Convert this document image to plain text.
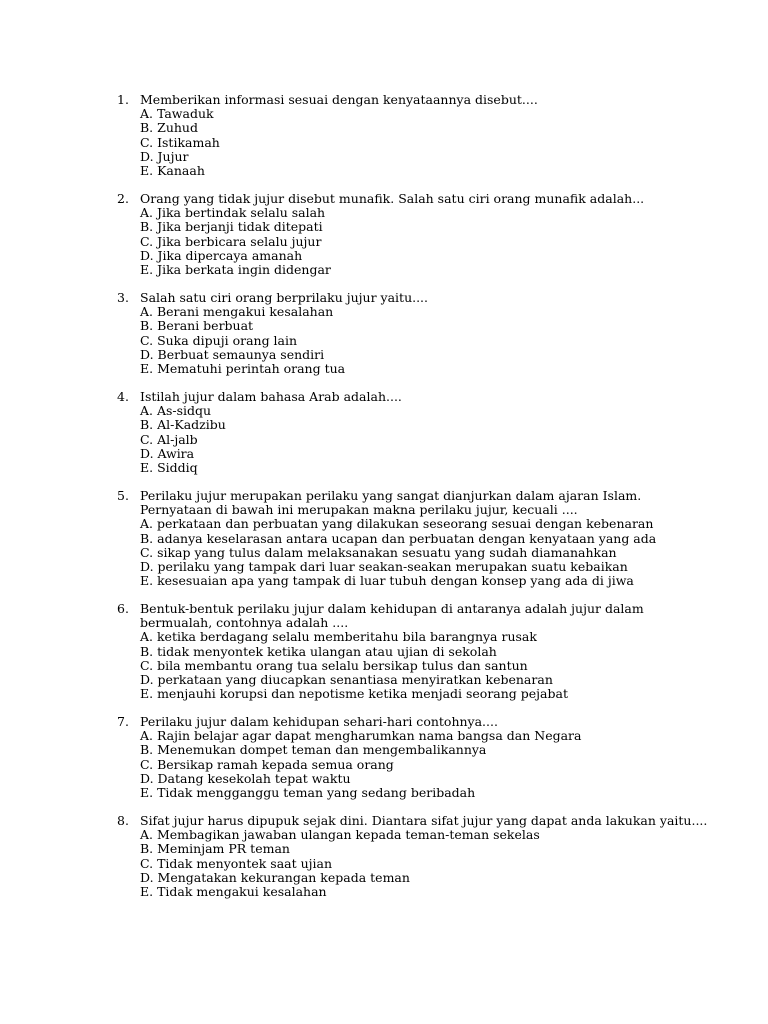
1. Memberikan informasi sesuai dengan kenyataannya disebut....
A. Tawaduk
B. Zuhud
C. Istikamah
D. Jujur
E. Kanaah
2. Orang yang tidak jujur disebut munafik. Salah satu ciri orang munafik adalah...
A. Jika bertindak selalu salah
B. Jika berjanji tidak ditepati
C. Jika berbicara selalu jujur
D. Jika dipercaya amanah
E. Jika berkata ingin didengar
3. Salah satu ciri orang berprilaku jujur yaitu....
A. Berani mengakui kesalahan
B. Berani berbuat
C. Suka dipuji orang lain
D. Berbuat semaunya sendiri
E. Mematuhi perintah orang tua
4. Istilah jujur dalam bahasa Arab adalah....
A. As-sidqu
B. Al-Kadzibu
C. Al-jalb
D. Awira
E. Siddiq
5. Perilaku jujur merupakan perilaku yang sangat dianjurkan dalam ajaran Islam.
Pernyataan di bawah ini merupakan makna perilaku jujur, kecuali ....
A. perkataan dan perbuatan yang dilakukan seseorang sesuai dengan kebenaran
B. adanya keselarasan antara ucapan dan perbuatan dengan kenyataan yang ada
C. sikap yang tulus dalam melaksanakan sesuatu yang sudah diamanahkan
D. perilaku yang tampak dari luar seakan-seakan merupakan suatu kebaikan
E. kesesuaian apa yang tampak di luar tubuh dengan konsep yang ada di jiwa
6. Bentuk-bentuk perilaku jujur dalam kehidupan di antaranya adalah jujur dalam
bermualah, contohnya adalah ....
A. ketika berdagang selalu memberitahu bila barangnya rusak
B. tidak menyontek ketika ulangan atau ujian di sekolah
C. bila membantu orang tua selalu bersikap tulus dan santun
D. perkataan yang diucapkan senantiasa menyiratkan kebenaran
E. menjauhi korupsi dan nepotisme ketika menjadi seorang pejabat
7. Perilaku jujur dalam kehidupan sehari-hari contohnya....
A. Rajin belajar agar dapat mengharumkan nama bangsa dan Negara
B. Menemukan dompet teman dan mengembalikannya
C. Bersikap ramah kepada semua orang
D. Datang kesekolah tepat waktu
E. Tidak mengganggu teman yang sedang beribadah
8. Sifat jujur harus dipupuk sejak dini. Diantara sifat jujur yang dapat anda lakukan yaitu....
A. Membagikan jawaban ulangan kepada teman-teman sekelas
B. Meminjam PR teman
C. Tidak menyontek saat ujian
D. Mengatakan kekurangan kepada teman
E. Tidak mengakui kesalahan
